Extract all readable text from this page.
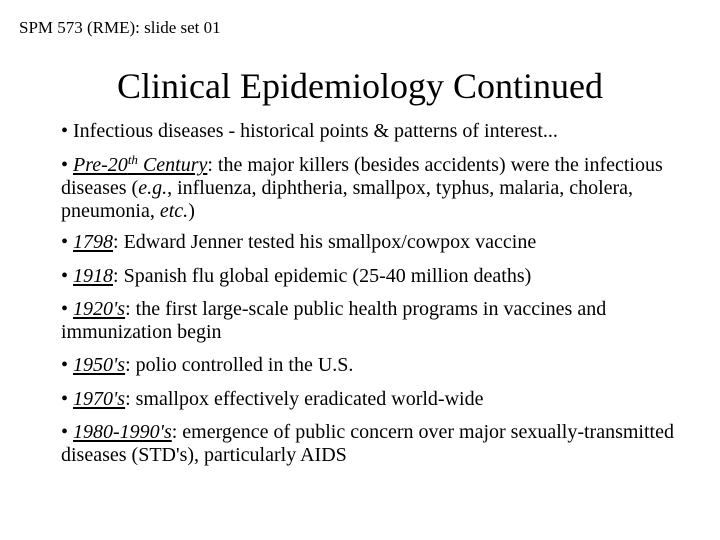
SPM 573 (RME): slide set 01
Clinical Epidemiology Continued
• Infectious diseases - historical points & patterns of interest...
• Pre-20th Century: the major killers (besides accidents) were the infectious diseases (e.g., influenza, diphtheria, smallpox, typhus, malaria, cholera, pneumonia, etc.)
• 1798: Edward Jenner tested his smallpox/cowpox vaccine
• 1918: Spanish flu global epidemic (25-40 million deaths)
• 1920's: the first large-scale public health programs in vaccines and immunization begin
• 1950's: polio controlled in the U.S.
• 1970's: smallpox effectively eradicated world-wide
• 1980-1990's: emergence of public concern over major sexually-transmitted diseases (STD's), particularly AIDS
